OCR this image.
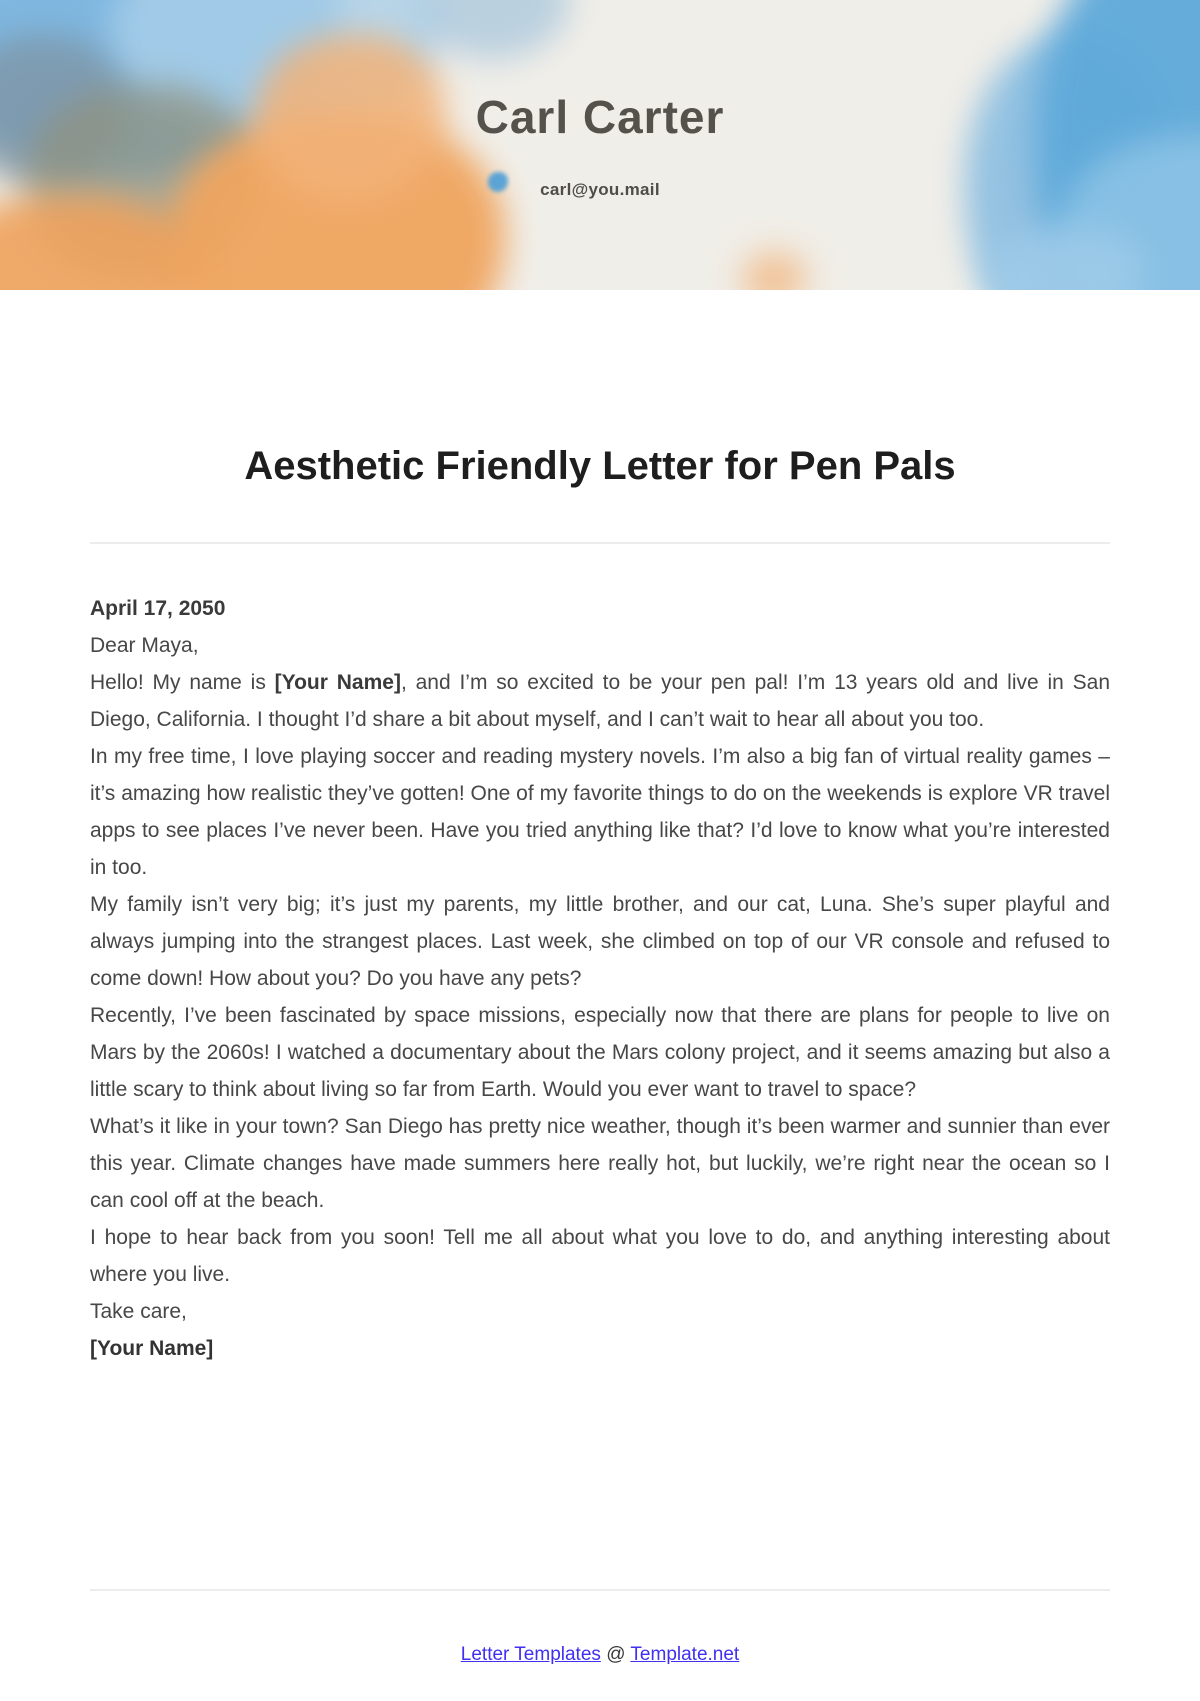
Carl Carter
carl@you.mail
Aesthetic Friendly Letter for Pen Pals

April 17, 2050

Dear Maya,

Hello! My name is [Your Name], and I’m so excited to be your pen pal! I’m 13 years old and live in San Diego, California. I thought I’d share a bit about myself, and I can’t wait to hear all about you too.

In my free time, I love playing soccer and reading mystery novels. I’m also a big fan of virtual reality games – it’s amazing how realistic they’ve gotten! One of my favorite things to do on the weekends is explore VR travel apps to see places I’ve never been. Have you tried anything like that? I’d love to know what you’re interested in too.

My family isn’t very big; it’s just my parents, my little brother, and our cat, Luna. She’s super playful and always jumping into the strangest places. Last week, she climbed on top of our VR console and refused to come down! How about you? Do you have any pets?

Recently, I’ve been fascinated by space missions, especially now that there are plans for people to live on Mars by the 2060s! I watched a documentary about the Mars colony project, and it seems amazing but also a little scary to think about living so far from Earth. Would you ever want to travel to space?

What’s it like in your town? San Diego has pretty nice weather, though it’s been warmer and sunnier than ever this year. Climate changes have made summers here really hot, but luckily, we’re right near the ocean so I can cool off at the beach.

I hope to hear back from you soon! Tell me all about what you love to do, and anything interesting about where you live.

Take care,

[Your Name]

Letter Templates @ Template.net
